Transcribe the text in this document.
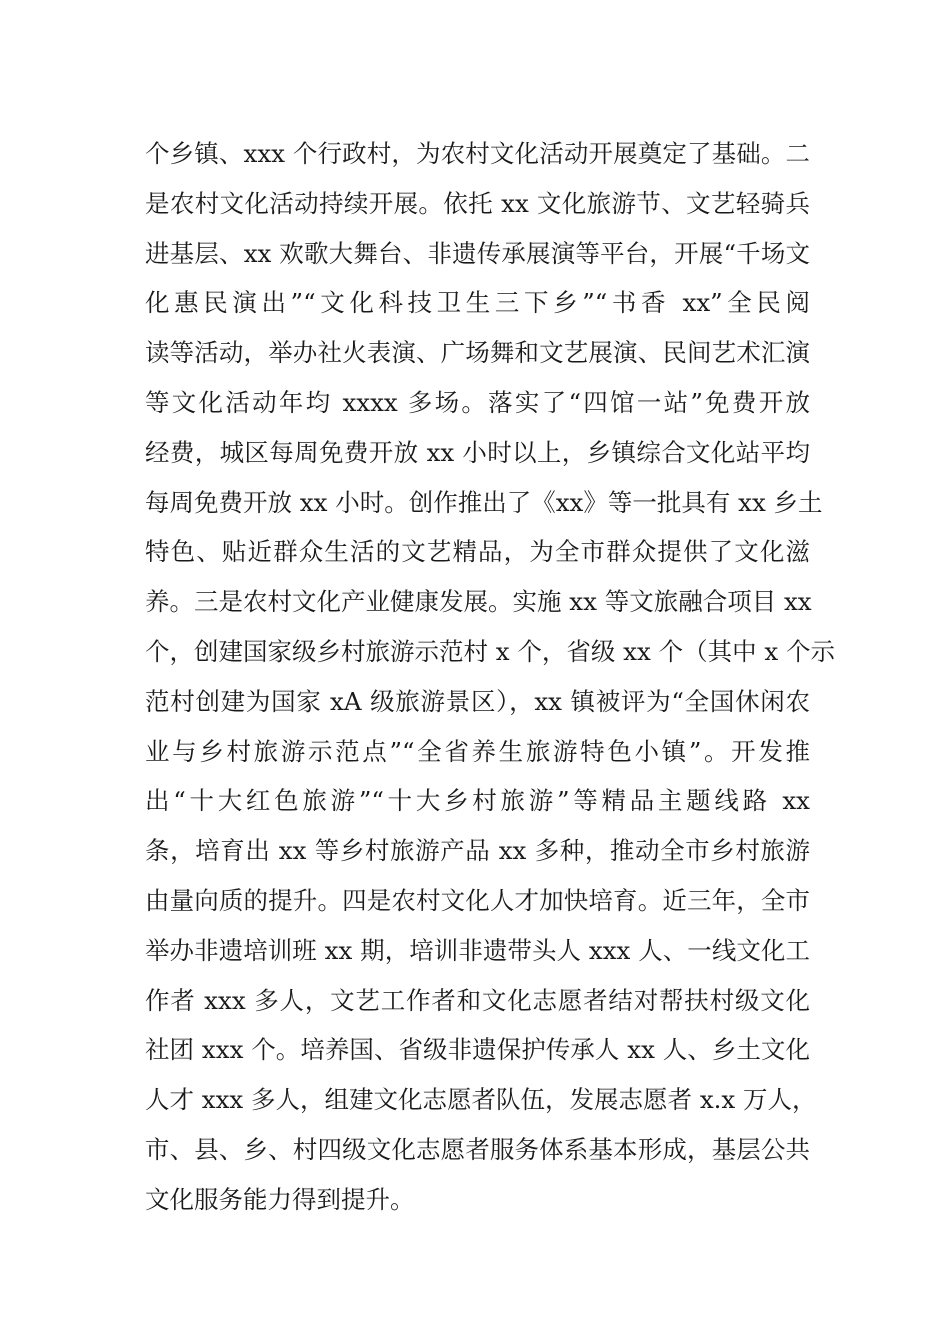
个乡镇、xxx 个行政村，为农村文化活动开展奠定了基础。二
是农村文化活动持续开展。依托 xx 文化旅游节、文艺轻骑兵
进基层、xx 欢歌大舞台、非遗传承展演等平台，开展“千场文
化惠民演出”“文化科技卫生三下乡”“书香 xx”全民阅
读等活动，举办社火表演、广场舞和文艺展演、民间艺术汇演
等文化活动年均 xxxx 多场。落实了“四馆一站”免费开放
经费，城区每周免费开放 xx 小时以上，乡镇综合文化站平均
每周免费开放 xx 小时。创作推出了《xx》等一批具有 xx 乡土
特色、贴近群众生活的文艺精品，为全市群众提供了文化滋
养。三是农村文化产业健康发展。实施 xx 等文旅融合项目 xx
个，创建国家级乡村旅游示范村 x 个，省级 xx 个（其中 x 个示
范村创建为国家 xA 级旅游景区），xx 镇被评为“全国休闲农
业与乡村旅游示范点”“全省养生旅游特色小镇”。开发推
出“十大红色旅游”“十大乡村旅游”等精品主题线路 xx
条，培育出 xx 等乡村旅游产品 xx 多种，推动全市乡村旅游
由量向质的提升。四是农村文化人才加快培育。近三年，全市
举办非遗培训班 xx 期，培训非遗带头人 xxx 人、一线文化工
作者 xxx 多人，文艺工作者和文化志愿者结对帮扶村级文化
社团 xxx 个。培养国、省级非遗保护传承人 xx 人、乡土文化
人才 xxx 多人，组建文化志愿者队伍，发展志愿者 x.x 万人，
市、县、乡、村四级文化志愿者服务体系基本形成，基层公共
文化服务能力得到提升。
